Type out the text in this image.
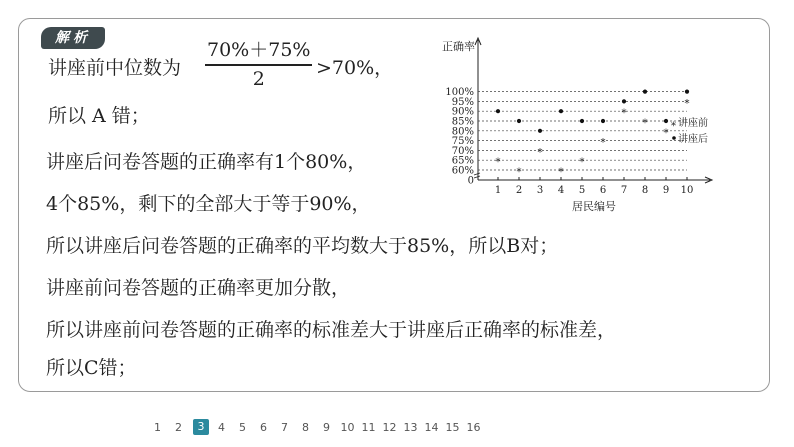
解析
讲座前中位数为
70%＋75%
2	>70%，
所以 A 错；
讲座后问卷答题的正确率有1个80%，
4个85%，剩下的全部大于等于90%，
所以讲座后问卷答题的正确率的平均数大于85%，所以B对；
讲座前问卷答题的正确率更加分散，
所以讲座前问卷答题的正确率的标准差大于讲座后正确率的标准差，
所以C错；
0
60%
65%
70%
75%
80%
85%
90%
95%
100%
1 2 3 4 5 6 7 8 9 10
正确率
居民编号
*
*
*
*
*
*
*
*
*
*
* 讲座前
讲座后
1	2	3	4	5	6	7	8	9 10 11 12 13 14 15 16
